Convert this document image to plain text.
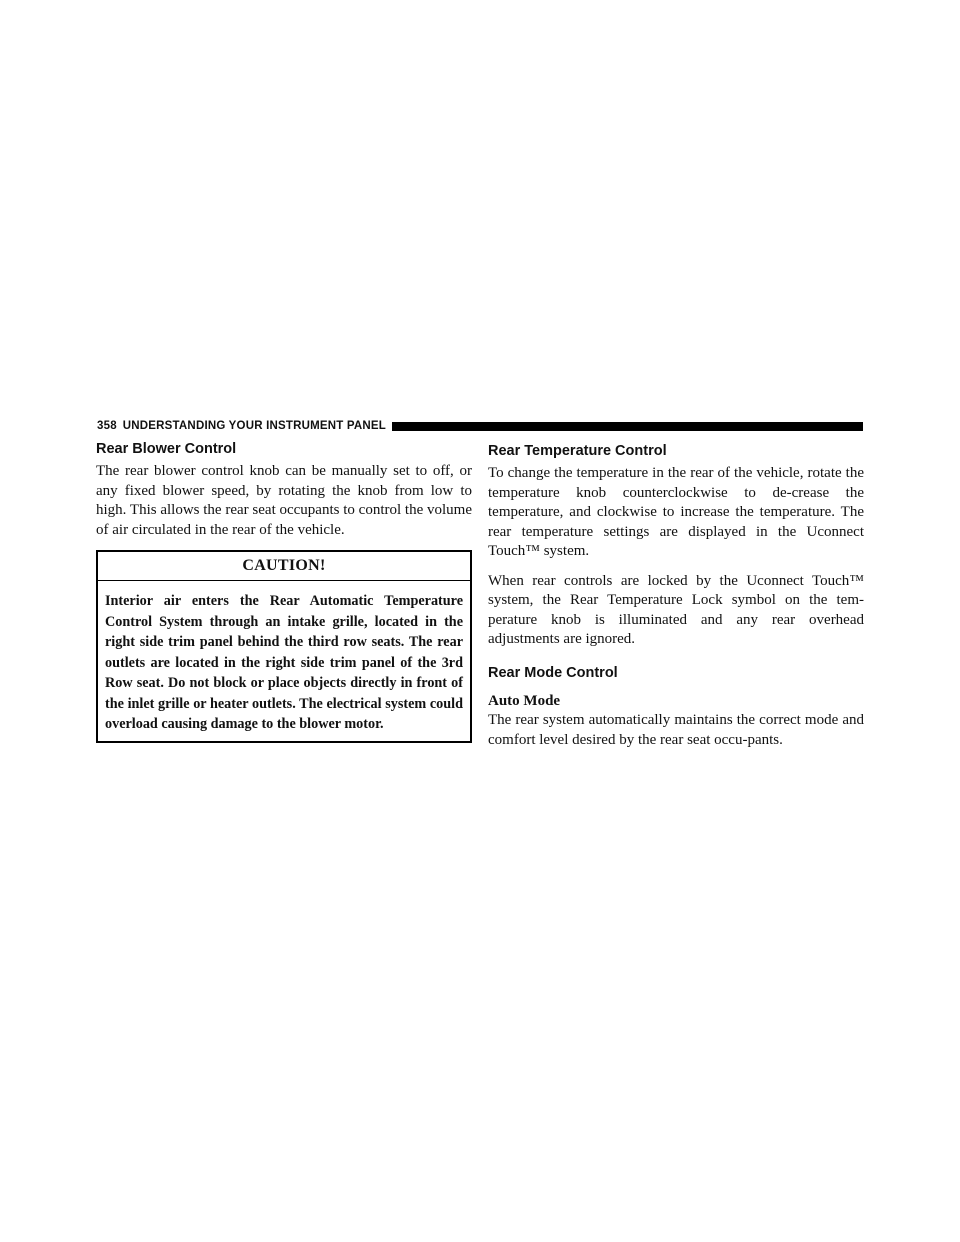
358 UNDERSTANDING YOUR INSTRUMENT PANEL
Rear Blower Control

The rear blower control knob can be manually set to off, or any fixed blower speed, by rotating the knob from low to high. This allows the rear seat occupants to control the volume of air circulated in the rear of the vehicle.

CAUTION!
Interior air enters the Rear Automatic Temperature Control System through an intake grille, located in the right side trim panel behind the third row seats. The rear outlets are located in the right side trim panel of the 3rd Row seat. Do not block or place objects directly in front of the inlet grille or heater outlets. The electrical system could overload causing damage to the blower motor.
Rear Temperature Control

To change the temperature in the rear of the vehicle, rotate the temperature knob counterclockwise to de-crease the temperature, and clockwise to increase the temperature. The rear temperature settings are displayed in the Uconnect Touch™ system.

When rear controls are locked by the Uconnect Touch™ system, the Rear Temperature Lock symbol on the tem-perature knob is illuminated and any rear overhead adjustments are ignored.

Rear Mode Control
Auto Mode

The rear system automatically maintains the correct mode and comfort level desired by the rear seat occu-pants.
